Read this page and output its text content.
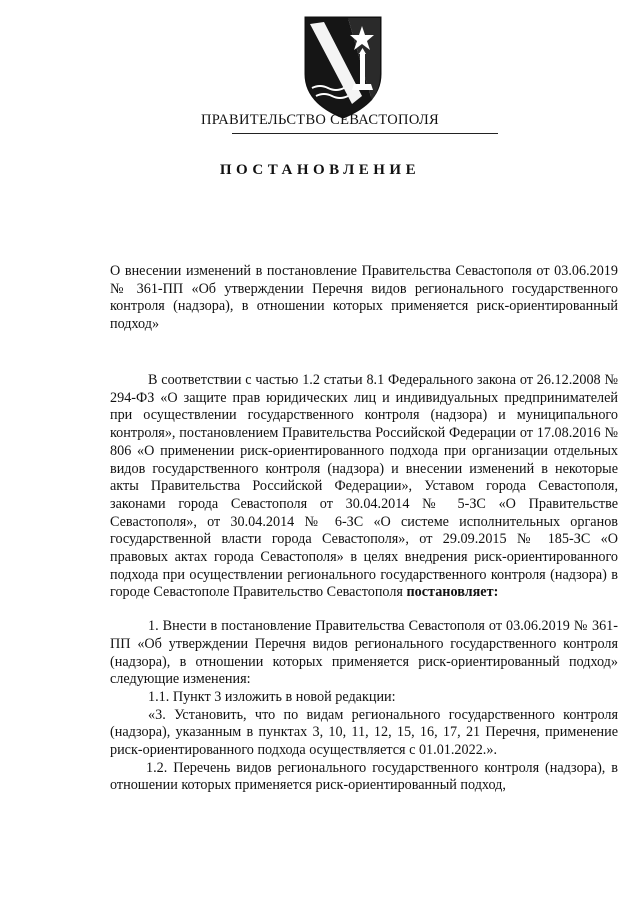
ПРАВИТЕЛЬСТВО СЕВАСТОПОЛЯ
ПОСТАНОВЛЕНИЕ
О внесении изменений в постановление Правительства Севастополя от 03.06.2019 № 361-ПП «Об утверждении Перечня видов регионального государственного контроля (надзора), в отношении которых применяется риск-ориентированный подход»

В соответствии с частью 1.2 статьи 8.1 Федерального закона от 26.12.2008 № 294-ФЗ «О защите прав юридических лиц и индивидуальных предпринимателей при осуществлении государственного контроля (надзора) и муниципального контроля», постановлением Правительства Российской Федерации от 17.08.2016 № 806 «О применении риск-ориентированного подхода при организации отдельных видов государственного контроля (надзора) и внесении изменений в некоторые акты Правительства Российской Федерации», Уставом города Севастополя, законами города Севастополя от 30.04.2014 № 5-ЗС «О Правительстве Севастополя», от 30.04.2014 № 6-ЗС «О системе исполнительных органов государственной власти города Севастополя», от 29.09.2015 № 185-ЗС «О правовых актах города Севастополя» в целях внедрения риск-ориентированного подхода при осуществлении регионального государственного контроля (надзора) в городе Севастополе Правительство Севастополя постановляет:

1. Внести в постановление Правительства Севастополя от 03.06.2019 № 361-ПП «Об утверждении Перечня видов регионального государственного контроля (надзора), в отношении которых применяется риск-ориентированный подход» следующие изменения:

1.1. Пункт 3 изложить в новой редакции:

«3. Установить, что по видам регионального государственного контроля (надзора), указанным в пунктах 3, 10, 11, 12, 15, 16, 17, 21 Перечня, применение риск-ориентированного подхода осуществляется с 01.01.2022.».

1.2. Перечень видов регионального государственного контроля (надзора), в отношении которых применяется риск-ориентированный подход,
